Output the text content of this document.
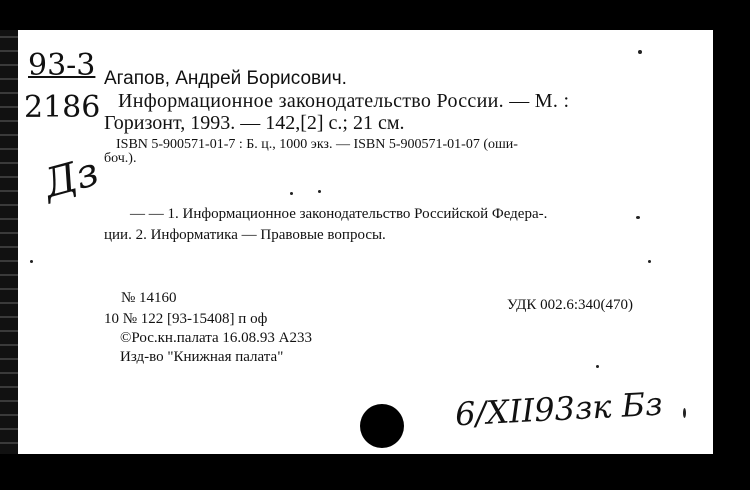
93-3
2186
Дз
Агапов, Андрей Борисович.
Информационное законодательство России. — М. :
Горизонт, 1993. — 142,[2] с.; 21 см.
ISBN 5-900571-01-7 : Б. ц., 1000 экз. — ISBN 5-900571-01-07 (оши-
боч.).
— — 1. Информационное законодательство Российской Федера-.
ции. 2. Информатика — Правовые вопросы.
№ 14160	УДК 002.6:340(470)
10 № 122 [93-15408] п оф
©Рос.кн.палата 16.08.93 А233
Изд-во "Книжная палата"
6/XII93зк Бз
